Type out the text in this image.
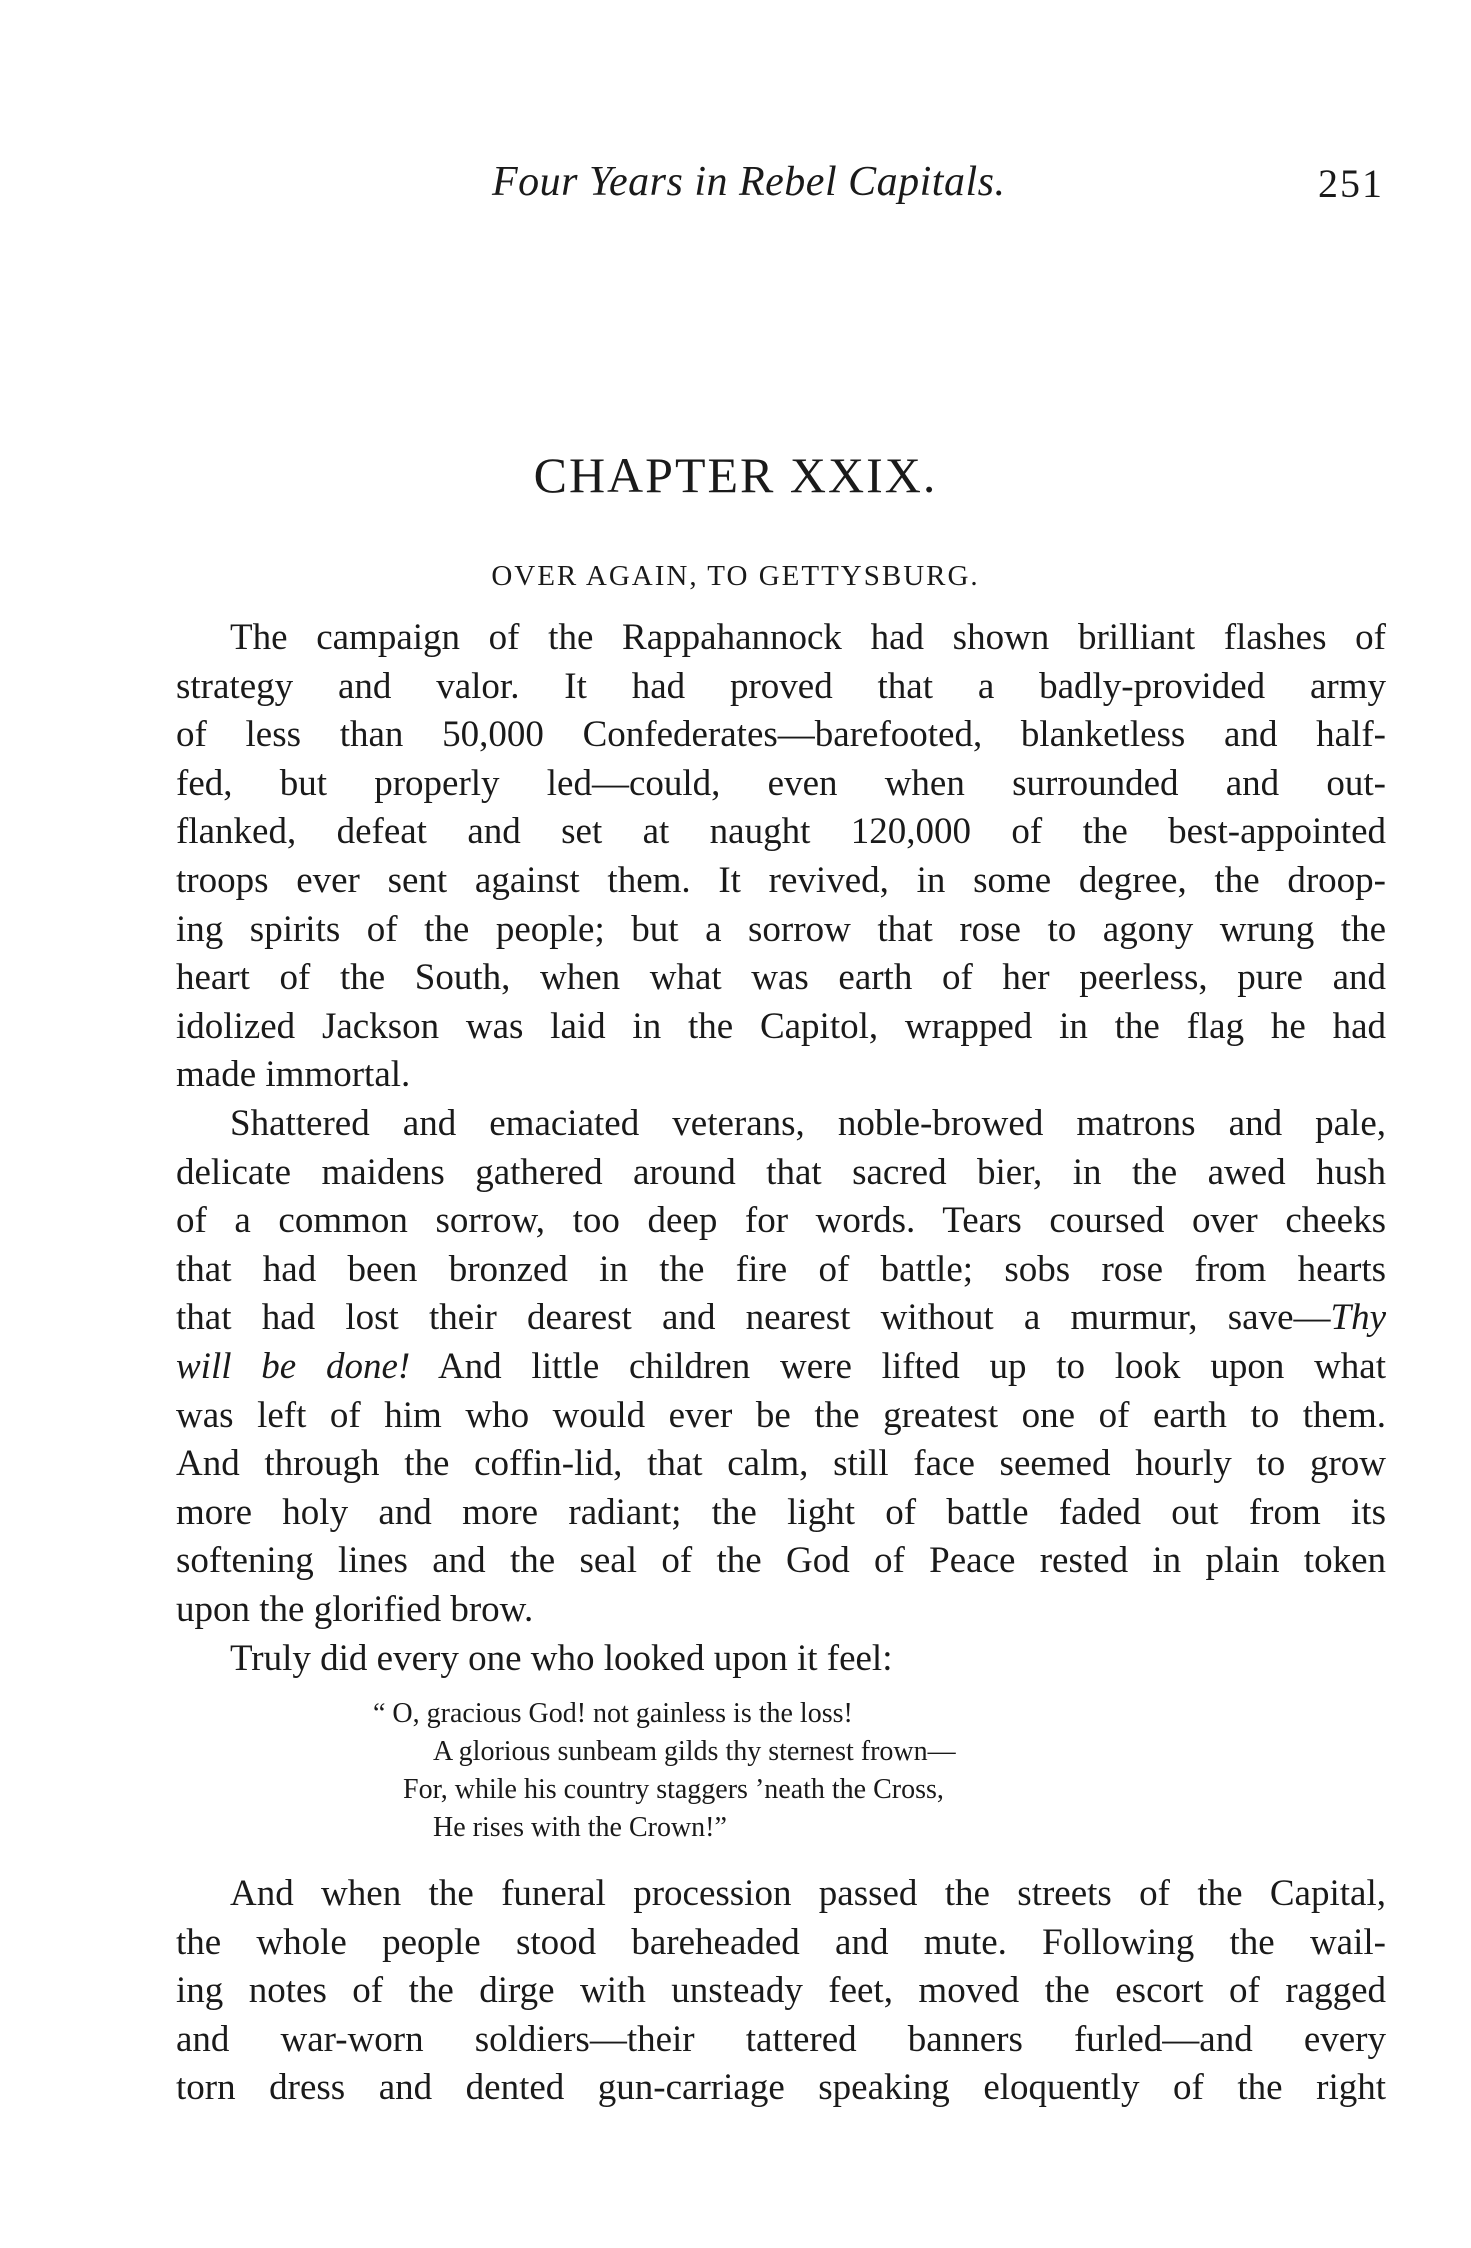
Four Years in Rebel Capitals.	251
CHAPTER XXIX.
OVER AGAIN, TO GETTYSBURG.
The campaign of the Rappahannock had shown brilliant flashes of
strategy and valor. It had proved that a badly-provided army
of less than 50,000 Confederates—barefooted, blanketless and half-
fed, but properly led—could, even when surrounded and out-
flanked, defeat and set at naught 120,000 of the best-appointed
troops ever sent against them. It revived, in some degree, the droop-
ing spirits of the people; but a sorrow that rose to agony wrung the
heart of the South, when what was earth of her peerless, pure and
idolized Jackson was laid in the Capitol, wrapped in the flag he had
made immortal.
Shattered and emaciated veterans, noble-browed matrons and pale,
delicate maidens gathered around that sacred bier, in the awed hush
of a common sorrow, too deep for words. Tears coursed over cheeks
that had been bronzed in the fire of battle; sobs rose from hearts
that had lost their dearest and nearest without a murmur, save—Thy
will be done! And little children were lifted up to look upon what
was left of him who would ever be the greatest one of earth to them.
And through the coffin-lid, that calm, still face seemed hourly to grow
more holy and more radiant; the light of battle faded out from its
softening lines and the seal of the God of Peace rested in plain token
upon the glorified brow.
Truly did every one who looked upon it feel:
“ O, gracious God! not gainless is the loss!
A glorious sunbeam gilds thy sternest frown—
For, while his country staggers ’neath the Cross,
He rises with the Crown!”
And when the funeral procession passed the streets of the Capital,
the whole people stood bareheaded and mute. Following the wail-
ing notes of the dirge with unsteady feet, moved the escort of ragged
and war-worn soldiers—their tattered banners furled—and every
torn dress and dented gun-carriage speaking eloquently of the right
